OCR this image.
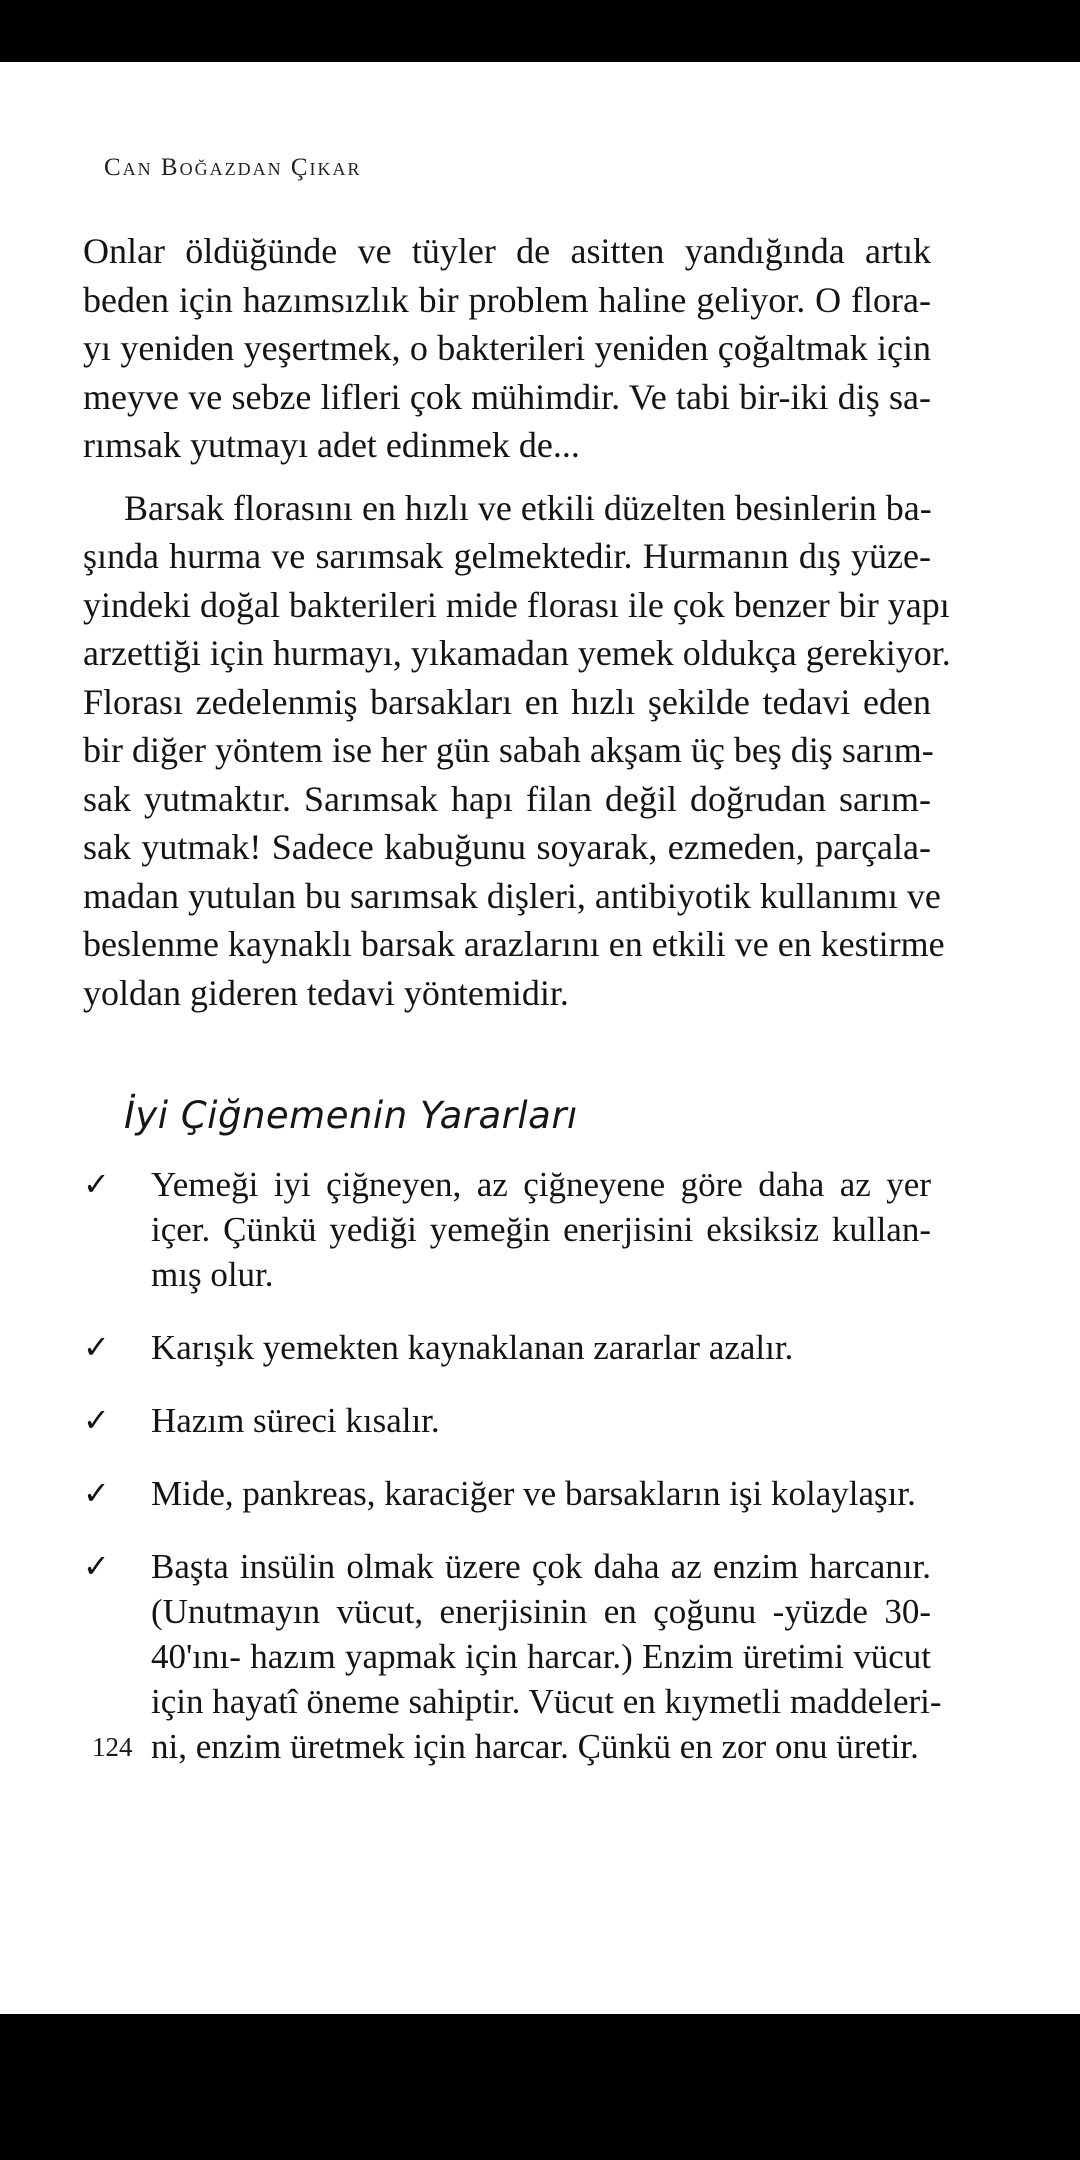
Can Boğazdan Çıkar

Onlar öldüğünde ve tüyler de asitten yandığında artık
beden için hazımsızlık bir problem haline geliyor. O flora-
yı yeniden yeşertmek, o bakterileri yeniden çoğaltmak için
meyve ve sebze lifleri çok mühimdir. Ve tabi bir-iki diş sa-
rımsak yutmayı adet edinmek de...

Barsak florasını en hızlı ve etkili düzelten besinlerin ba-
şında hurma ve sarımsak gelmektedir. Hurmanın dış yüze-
yindeki doğal bakterileri mide florası ile çok benzer bir yapı
arzettiği için hurmayı, yıkamadan yemek oldukça gerekiyor.
Florası zedelenmiş barsakları en hızlı şekilde tedavi eden
bir diğer yöntem ise her gün sabah akşam üç beş diş sarım-
sak yutmaktır. Sarımsak hapı filan değil doğrudan sarım-
sak yutmak! Sadece kabuğunu soyarak, ezmeden, parçala-
madan yutulan bu sarımsak dişleri, antibiyotik kullanımı ve
beslenme kaynaklı barsak arazlarını en etkili ve en kestirme
yoldan gideren tedavi yöntemidir.

İyi Çiğnemenin Yararları
✓	Yemeği iyi çiğneyen, az çiğneyene göre daha az yer
içer. Çünkü yediği yemeğin enerjisini eksiksiz kullan-
mış olur.
✓	Karışık yemekten kaynaklanan zararlar azalır.
✓	Hazım süreci kısalır.
✓	Mide, pankreas, karaciğer ve barsakların işi kolaylaşır.
✓	Başta insülin olmak üzere çok daha az enzim harcanır.
(Unutmayın vücut, enerjisinin en çoğunu -yüzde 30-
40'ını- hazım yapmak için harcar.) Enzim üretimi vücut
için hayatî öneme sahiptir. Vücut en kıymetli maddeleri-
ni, enzim üretmek için harcar. Çünkü en zor onu üretir.
124
